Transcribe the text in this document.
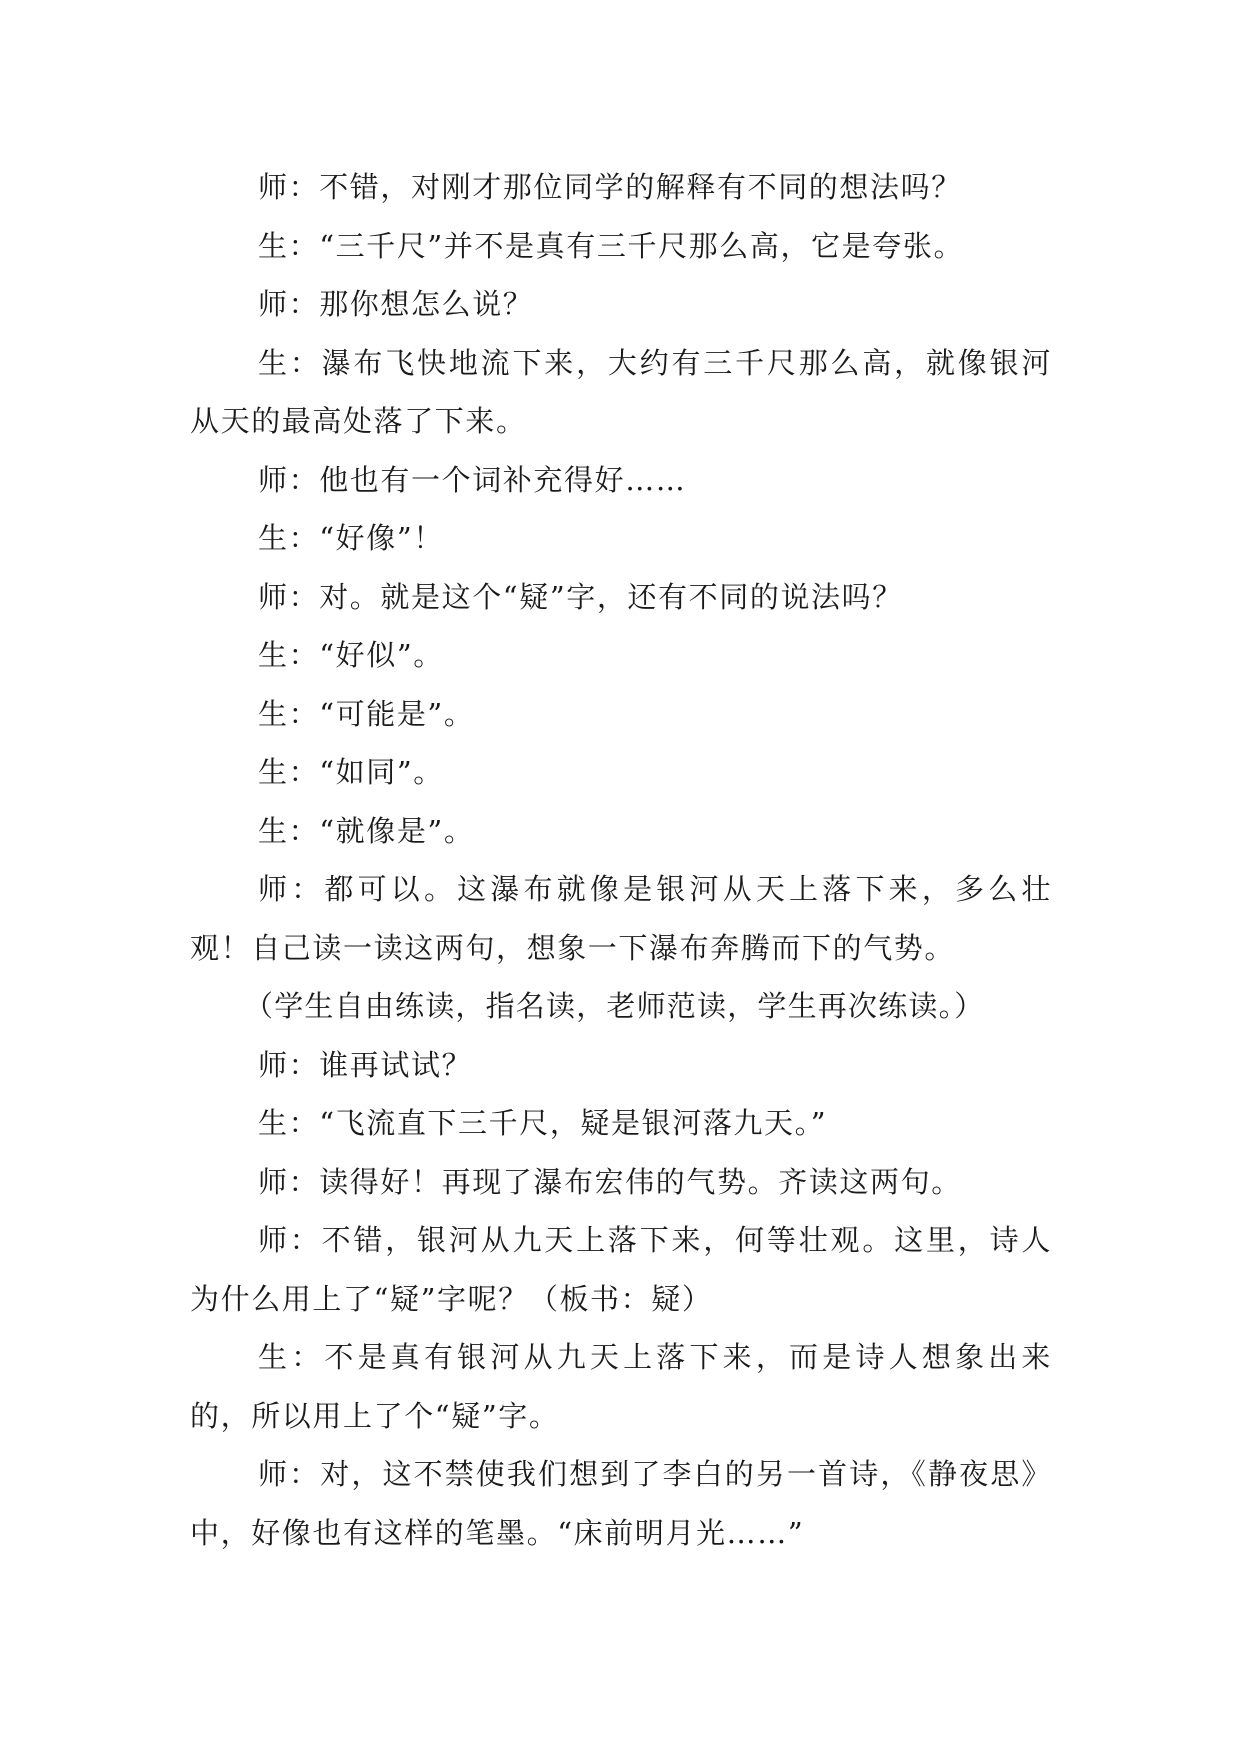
师：不错，对刚才那位同学的解释有不同的想法吗？

生：“三千尺”并不是真有三千尺那么高，它是夸张。

师：那你想怎么说？

生：瀑布飞快地流下来，大约有三千尺那么高，就像银河从天的最高处落了下来。

师：他也有一个词补充得好……

生：“好像”！

师：对。就是这个“疑”字，还有不同的说法吗？

生：“好似”。

生：“可能是”。

生：“如同”。

生：“就像是”。

师：都可以。这瀑布就像是银河从天上落下来，多么壮观！自己读一读这两句，想象一下瀑布奔腾而下的气势。

（学生自由练读，指名读，老师范读，学生再次练读。）

师：谁再试试？

生：“飞流直下三千尺，疑是银河落九天。”

师：读得好！再现了瀑布宏伟的气势。齐读这两句。

师：不错，银河从九天上落下来，何等壮观。这里，诗人为什么用上了“疑”字呢？（板书：疑）

生：不是真有银河从九天上落下来，而是诗人想象出来的，所以用上了个“疑”字。

师：对，这不禁使我们想到了李白的另一首诗，《静夜思》中，好像也有这样的笔墨。“床前明月光……”
